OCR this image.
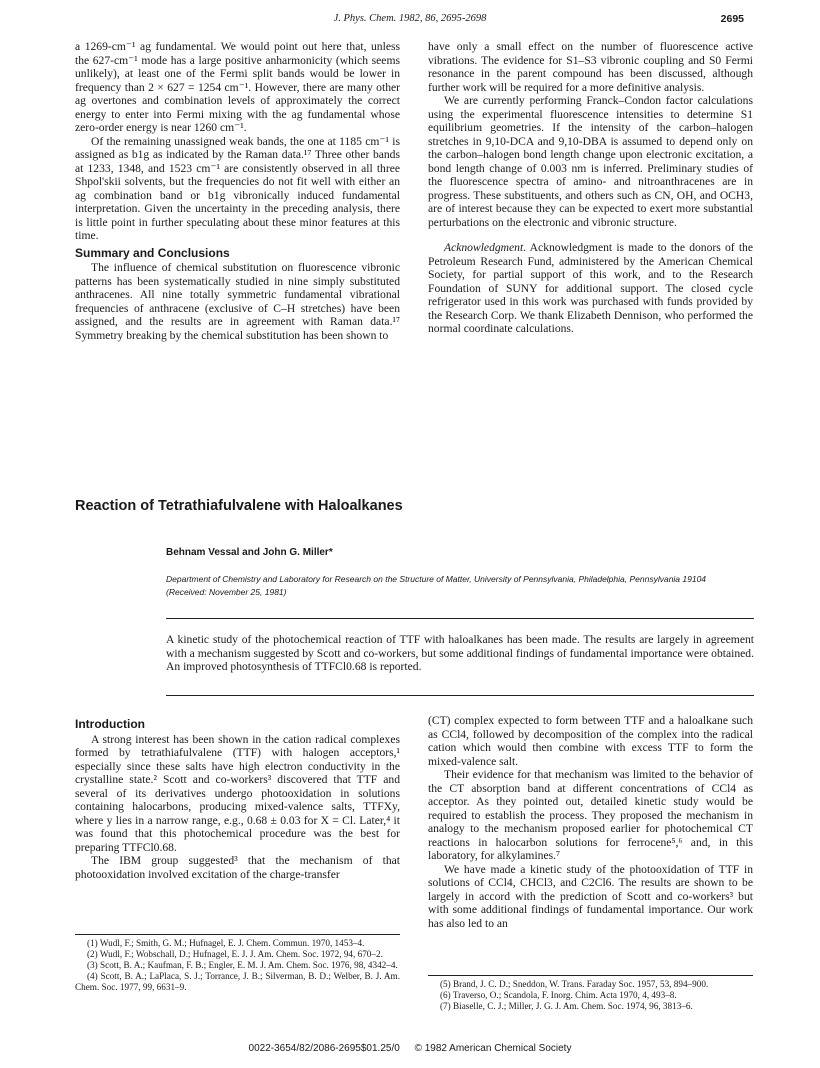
J. Phys. Chem. 1982, 86, 2695-2698	2695

a 1269-cm⁻¹ ag fundamental. We would point out here that, unless the 627-cm⁻¹ mode has a large positive anharmonicity (which seems unlikely), at least one of the Fermi split bands would be lower in frequency than 2 × 627 = 1254 cm⁻¹. However, there are many other ag overtones and combination levels of approximately the correct energy to enter into Fermi mixing with the ag fundamental whose zero-order energy is near 1260 cm⁻¹.

Of the remaining unassigned weak bands, the one at 1185 cm⁻¹ is assigned as b1g as indicated by the Raman data.¹⁷ Three other bands at 1233, 1348, and 1523 cm⁻¹ are consistently observed in all three Shpol'skii solvents, but the frequencies do not fit well with either an ag combination band or b1g vibronically induced fundamental interpretation. Given the uncertainty in the preceding analysis, there is little point in further speculating about these minor features at this time.

Summary and Conclusions

The influence of chemical substitution on fluorescence vibronic patterns has been systematically studied in nine simply substituted anthracenes. All nine totally symmetric fundamental vibrational frequencies of anthracene (exclusive of C–H stretches) have been assigned, and the results are in agreement with Raman data.¹⁷ Symmetry breaking by the chemical substitution has been shown to

have only a small effect on the number of fluorescence active vibrations. The evidence for S1–S3 vibronic coupling and S0 Fermi resonance in the parent compound has been discussed, although further work will be required for a more definitive analysis.

We are currently performing Franck–Condon factor calculations using the experimental fluorescence intensities to determine S1 equilibrium geometries. If the intensity of the carbon–halogen stretches in 9,10-DCA and 9,10-DBA is assumed to depend only on the carbon–halogen bond length change upon electronic excitation, a bond length change of 0.003 nm is inferred. Preliminary studies of the fluorescence spectra of amino- and nitroanthracenes are in progress. These substituents, and others such as CN, OH, and OCH3, are of interest because they can be expected to exert more substantial perturbations on the electronic and vibronic structure.

Acknowledgment. Acknowledgment is made to the donors of the Petroleum Research Fund, administered by the American Chemical Society, for partial support of this work, and to the Research Foundation of SUNY for additional support. The closed cycle refrigerator used in this work was purchased with funds provided by the Research Corp. We thank Elizabeth Dennison, who performed the normal coordinate calculations.

Reaction of Tetrathiafulvalene with Haloalkanes
Behnam Vessal and John G. Miller*
Department of Chemistry and Laboratory for Research on the Structure of Matter, University of Pennsylvania, Philadelphia, Pennsylvania 19104 (Received: November 25, 1981)
A kinetic study of the photochemical reaction of TTF with haloalkanes has been made. The results are largely in agreement with a mechanism suggested by Scott and co-workers, but some additional findings of fundamental importance were obtained. An improved photosynthesis of TTFCl0.68 is reported.
Introduction

A strong interest has been shown in the cation radical complexes formed by tetrathiafulvalene (TTF) with halogen acceptors,¹ especially since these salts have high electron conductivity in the crystalline state.² Scott and co-workers³ discovered that TTF and several of its derivatives undergo photooxidation in solutions containing halocarbons, producing mixed-valence salts, TTFXy, where y lies in a narrow range, e.g., 0.68 ± 0.03 for X = Cl. Later,⁴ it was found that this photochemical procedure was the best for preparing TTFCl0.68.

The IBM group suggested³ that the mechanism of that photooxidation involved excitation of the charge-transfer

(1) Wudl, F.; Smith, G. M.; Hufnagel, E. J. Chem. Commun. 1970, 1453–4.

(2) Wudl, F.; Wobschall, D.; Hufnagel, E. J. J. Am. Chem. Soc. 1972, 94, 670–2.

(3) Scott, B. A.; Kaufman, F. B.; Engler, E. M. J. Am. Chem. Soc. 1976, 98, 4342–4.

(4) Scott, B. A.; LaPlaca, S. J.; Torrance, J. B.; Silverman, B. D.; Welber, B. J. Am. Chem. Soc. 1977, 99, 6631–9.

(CT) complex expected to form between TTF and a haloalkane such as CCl4, followed by decomposition of the complex into the radical cation which would then combine with excess TTF to form the mixed-valence salt.

Their evidence for that mechanism was limited to the behavior of the CT absorption band at different concentrations of CCl4 as acceptor. As they pointed out, detailed kinetic study would be required to establish the process. They proposed the mechanism in analogy to the mechanism proposed earlier for photochemical CT reactions in halocarbon solutions for ferrocene⁵,⁶ and, in this laboratory, for alkylamines.⁷

We have made a kinetic study of the photooxidation of TTF in solutions of CCl4, CHCl3, and C2Cl6. The results are shown to be largely in accord with the prediction of Scott and co-workers³ but with some additional findings of fundamental importance. Our work has also led to an

(5) Brand, J. C. D.; Sneddon, W. Trans. Faraday Soc. 1957, 53, 894–900.

(6) Traverso, O.; Scandola, F. Inorg. Chim. Acta 1970, 4, 493–8.

(7) Biaselle, C. J.; Miller, J. G. J. Am. Chem. Soc. 1974, 96, 3813–6.

0022-3654/82/2086-2695$01.25/0 © 1982 American Chemical Society
